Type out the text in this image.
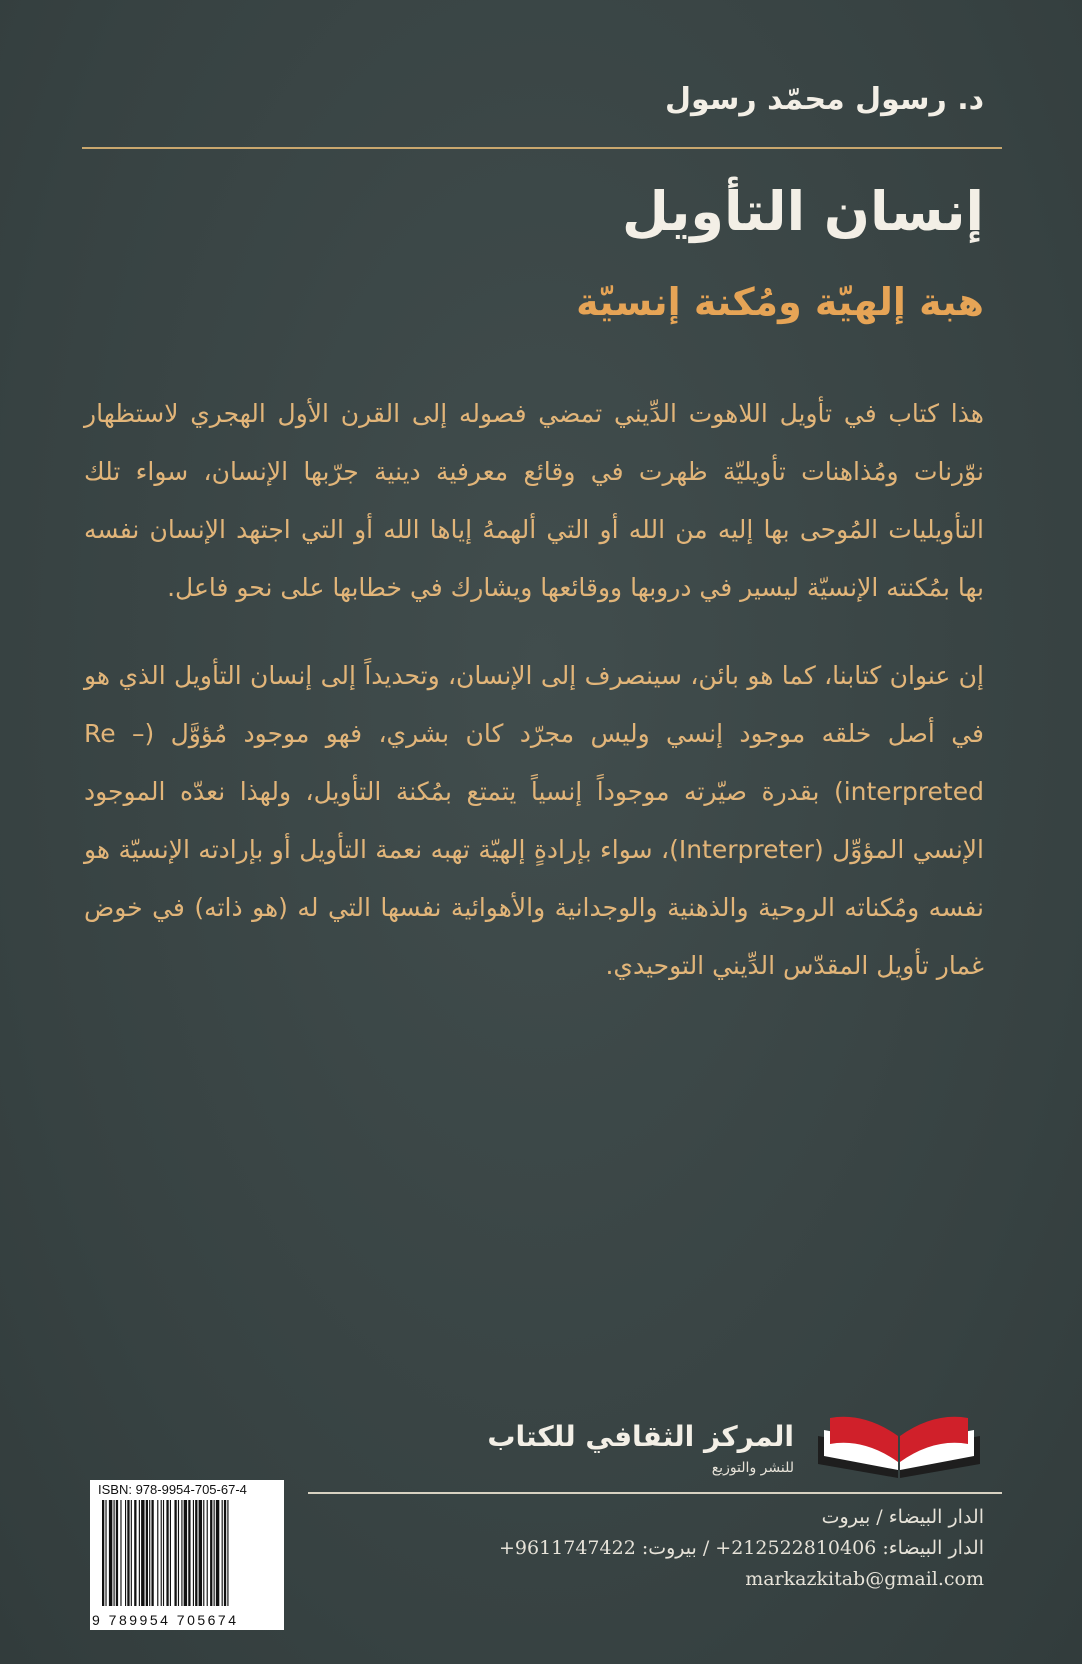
د. رسول محمّد رسول
إنسان التأويل
هبة إلهيّة ومُكنة إنسيّة

هذا كتاب في تأويل اللاهوت الدِّيني تمضي فصوله إلى القرن الأول الهجري لاستظهار نوّرنات ومُذاهنات تأويليّة ظهرت في وقائع معرفية دينية جرّبها الإنسان، سواء تلك التأويليات المُوحى بها إليه من الله أو التي ألهمهُ إياها الله أو التي اجتهد الإنسان نفسه بها بمُكنته الإنسيّة ليسير في دروبها ووقائعها ويشارك في خطابها على نحو فاعل.

إن عنوان كتابنا، كما هو بائن، سينصرف إلى الإنسان، وتحديداً إلى إنسان التأويل الذي هو في أصل خلقه موجود إنسي وليس مجرّد كان بشري، فهو موجود مُؤوَّل (Re – interpreted) بقدرة صيّرته موجوداً إنسياً يتمتع بمُكنة التأويل، ولهذا نعدّه الموجود الإنسي المؤوِّل (Interpreter)، سواء بإرادةٍ إلهيّة تهبه نعمة التأويل أو بإرادته الإنسيّة هو نفسه ومُكناته الروحية والذهنية والوجدانية والأهوائية نفسها التي له (هو ذاته) في خوض غمار تأويل المقدّس الدِّيني التوحيدي.

المركز الثقافي للكتاب
للنشر والتوزيع
الدار البيضاء / بيروت
الدار البيضاء: 212522810406+ / بيروت: 9611747422+
markazkitab@gmail.com
ISBN: 978-9954-705-67-4
9 789954 705674
